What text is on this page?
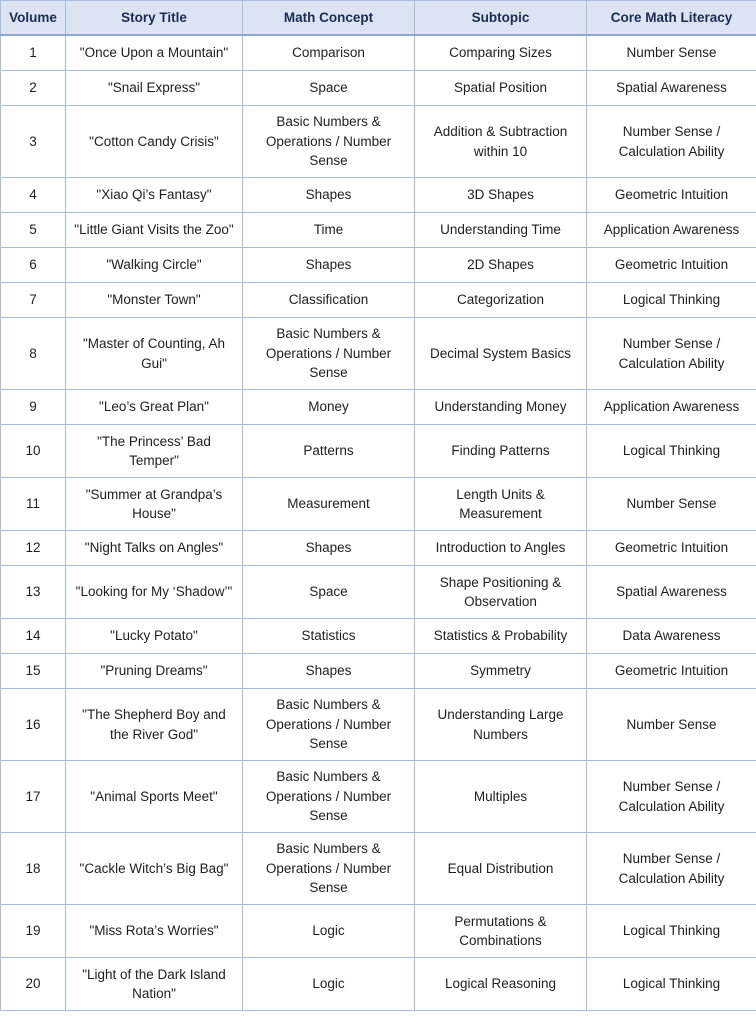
Volume	Story Title	Math Concept	Subtopic	Core Math Literacy
1	"Once Upon a Mountain"	Comparison	Comparing Sizes	Number Sense
2	"Snail Express"	Space	Spatial Position	Spatial Awareness
3	"Cotton Candy Crisis"	Basic Numbers & Operations / Number Sense	Addition & Subtraction within 10	Number Sense / Calculation Ability
4	"Xiao Qi’s Fantasy"	Shapes	3D Shapes	Geometric Intuition
5	"Little Giant Visits the Zoo"	Time	Understanding Time	Application Awareness
6	"Walking Circle"	Shapes	2D Shapes	Geometric Intuition
7	"Monster Town"	Classification	Categorization	Logical Thinking
8	"Master of Counting, Ah Gui"	Basic Numbers & Operations / Number Sense	Decimal System Basics	Number Sense / Calculation Ability
9	"Leo’s Great Plan"	Money	Understanding Money	Application Awareness
10	"The Princess’ Bad Temper"	Patterns	Finding Patterns	Logical Thinking
11	"Summer at Grandpa’s House"	Measurement	Length Units & Measurement	Number Sense
12	"Night Talks on Angles"	Shapes	Introduction to Angles	Geometric Intuition
13	"Looking for My ‘Shadow’"	Space	Shape Positioning & Observation	Spatial Awareness
14	"Lucky Potato"	Statistics	Statistics & Probability	Data Awareness
15	"Pruning Dreams"	Shapes	Symmetry	Geometric Intuition
16	"The Shepherd Boy and the River God"	Basic Numbers & Operations / Number Sense	Understanding Large Numbers	Number Sense
17	"Animal Sports Meet"	Basic Numbers & Operations / Number Sense	Multiples	Number Sense / Calculation Ability
18	"Cackle Witch’s Big Bag"	Basic Numbers & Operations / Number Sense	Equal Distribution	Number Sense / Calculation Ability
19	"Miss Rota’s Worries"	Logic	Permutations & Combinations	Logical Thinking
20	"Light of the Dark Island Nation"	Logic	Logical Reasoning	Logical Thinking
